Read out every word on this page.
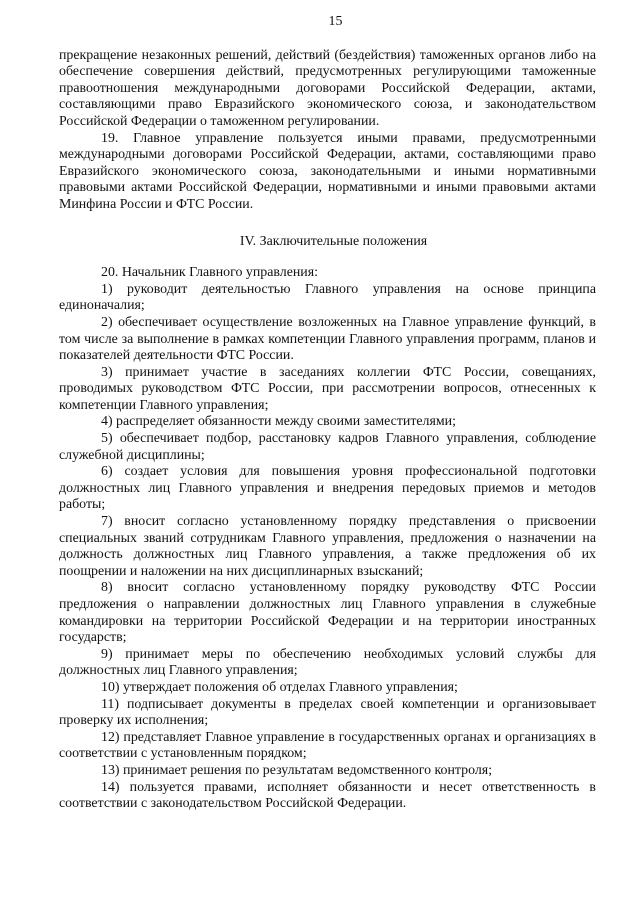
15

прекращение незаконных решений, действий (бездействия) таможенных органов либо на обеспечение совершения действий, предусмотренных регулирующими таможенные правоотношения международными договорами Российской Федерации, актами, составляющими право Евразийского экономического союза, и законодательством Российской Федерации о таможенном регулировании.

19. Главное управление пользуется иными правами, предусмотренными международными договорами Российской Федерации, актами, составляющими право Евразийского экономического союза, законодательными и иными нормативными правовыми актами Российской Федерации, нормативными и иными правовыми актами Минфина России и ФТС России.

IV. Заключительные положения

20. Начальник Главного управления:

1) руководит деятельностью Главного управления на основе принципа единоначалия;

2) обеспечивает осуществление возложенных на Главное управление функций, в том числе за выполнение в рамках компетенции Главного управления программ, планов и показателей деятельности ФТС России.

3) принимает участие в заседаниях коллегии ФТС России, совещаниях, проводимых руководством ФТС России, при рассмотрении вопросов, отнесенных к компетенции Главного управления;

4) распределяет обязанности между своими заместителями;

5) обеспечивает подбор, расстановку кадров Главного управления, соблюдение служебной дисциплины;

6) создает условия для повышения уровня профессиональной подготовки должностных лиц Главного управления и внедрения передовых приемов и методов работы;

7) вносит согласно установленному порядку представления о присвоении специальных званий сотрудникам Главного управления, предложения о назначении на должность должностных лиц Главного управления, а также предложения об их поощрении и наложении на них дисциплинарных взысканий;

8) вносит согласно установленному порядку руководству ФТС России предложения о направлении должностных лиц Главного управления в служебные командировки на территории Российской Федерации и на территории иностранных государств;

9) принимает меры по обеспечению необходимых условий службы для должностных лиц Главного управления;

10) утверждает положения об отделах Главного управления;

11) подписывает документы в пределах своей компетенции и организовывает проверку их исполнения;

12) представляет Главное управление в государственных органах и организациях в соответствии с установленным порядком;

13) принимает решения по результатам ведомственного контроля;

14) пользуется правами, исполняет обязанности и несет ответственность в соответствии с законодательством Российской Федерации.
